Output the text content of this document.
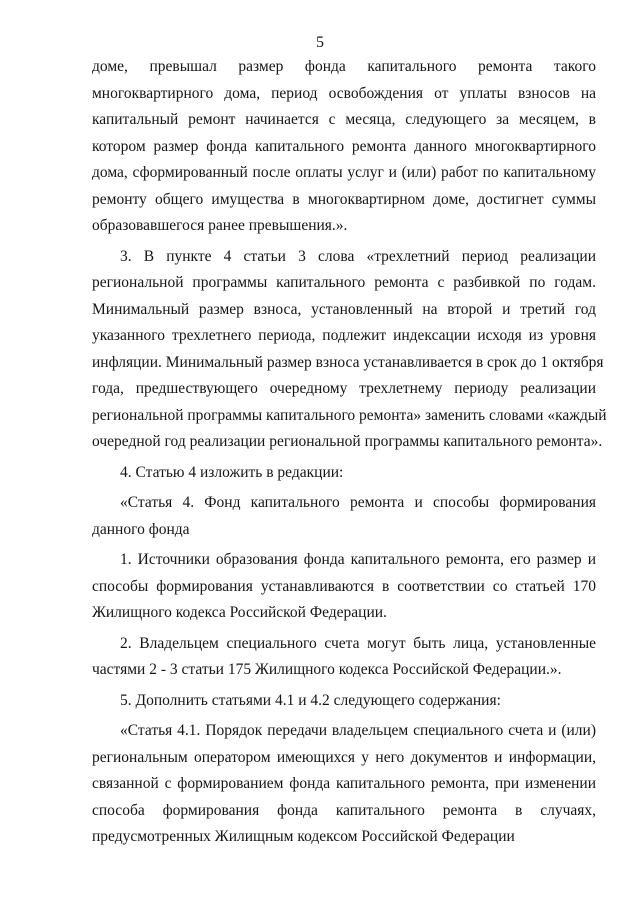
5
доме, превышал размер фонда капитального ремонта такого
многоквартирного дома, период освобождения от уплаты взносов на
капитальный ремонт начинается с месяца, следующего за месяцем, в
котором размер фонда капитального ремонта данного многоквартирного
дома, сформированный после оплаты услуг и (или) работ по капитальному
ремонту общего имущества в многоквартирном доме, достигнет суммы
образовавшегося ранее превышения.».
3. В пункте 4 статьи 3 слова «трехлетний период реализации
региональной программы капитального ремонта с разбивкой по годам.
Минимальный размер взноса, установленный на второй и третий год
указанного трехлетнего периода, подлежит индексации исходя из уровня
инфляции. Минимальный размер взноса устанавливается в срок до 1 октября
года, предшествующего очередному трехлетнему периоду реализации
региональной программы капитального ремонта» заменить словами «каждый
очередной год реализации региональной программы капитального ремонта».
4. Статью 4 изложить в редакции:
«Статья 4. Фонд капитального ремонта и способы формирования
данного фонда
1. Источники образования фонда капитального ремонта, его размер и
способы формирования устанавливаются в соответствии со статьей 170
Жилищного кодекса Российской Федерации.
2. Владельцем специального счета могут быть лица, установленные
частями 2 - 3 статьи 175 Жилищного кодекса Российской Федерации.».
5. Дополнить статьями 4.1 и 4.2 следующего содержания:
«Статья 4.1. Порядок передачи владельцем специального счета и (или)
региональным оператором имеющихся у него документов и информации,
связанной с формированием фонда капитального ремонта, при изменении
способа формирования фонда капитального ремонта в случаях,
предусмотренных Жилищным кодексом Российской Федерации
